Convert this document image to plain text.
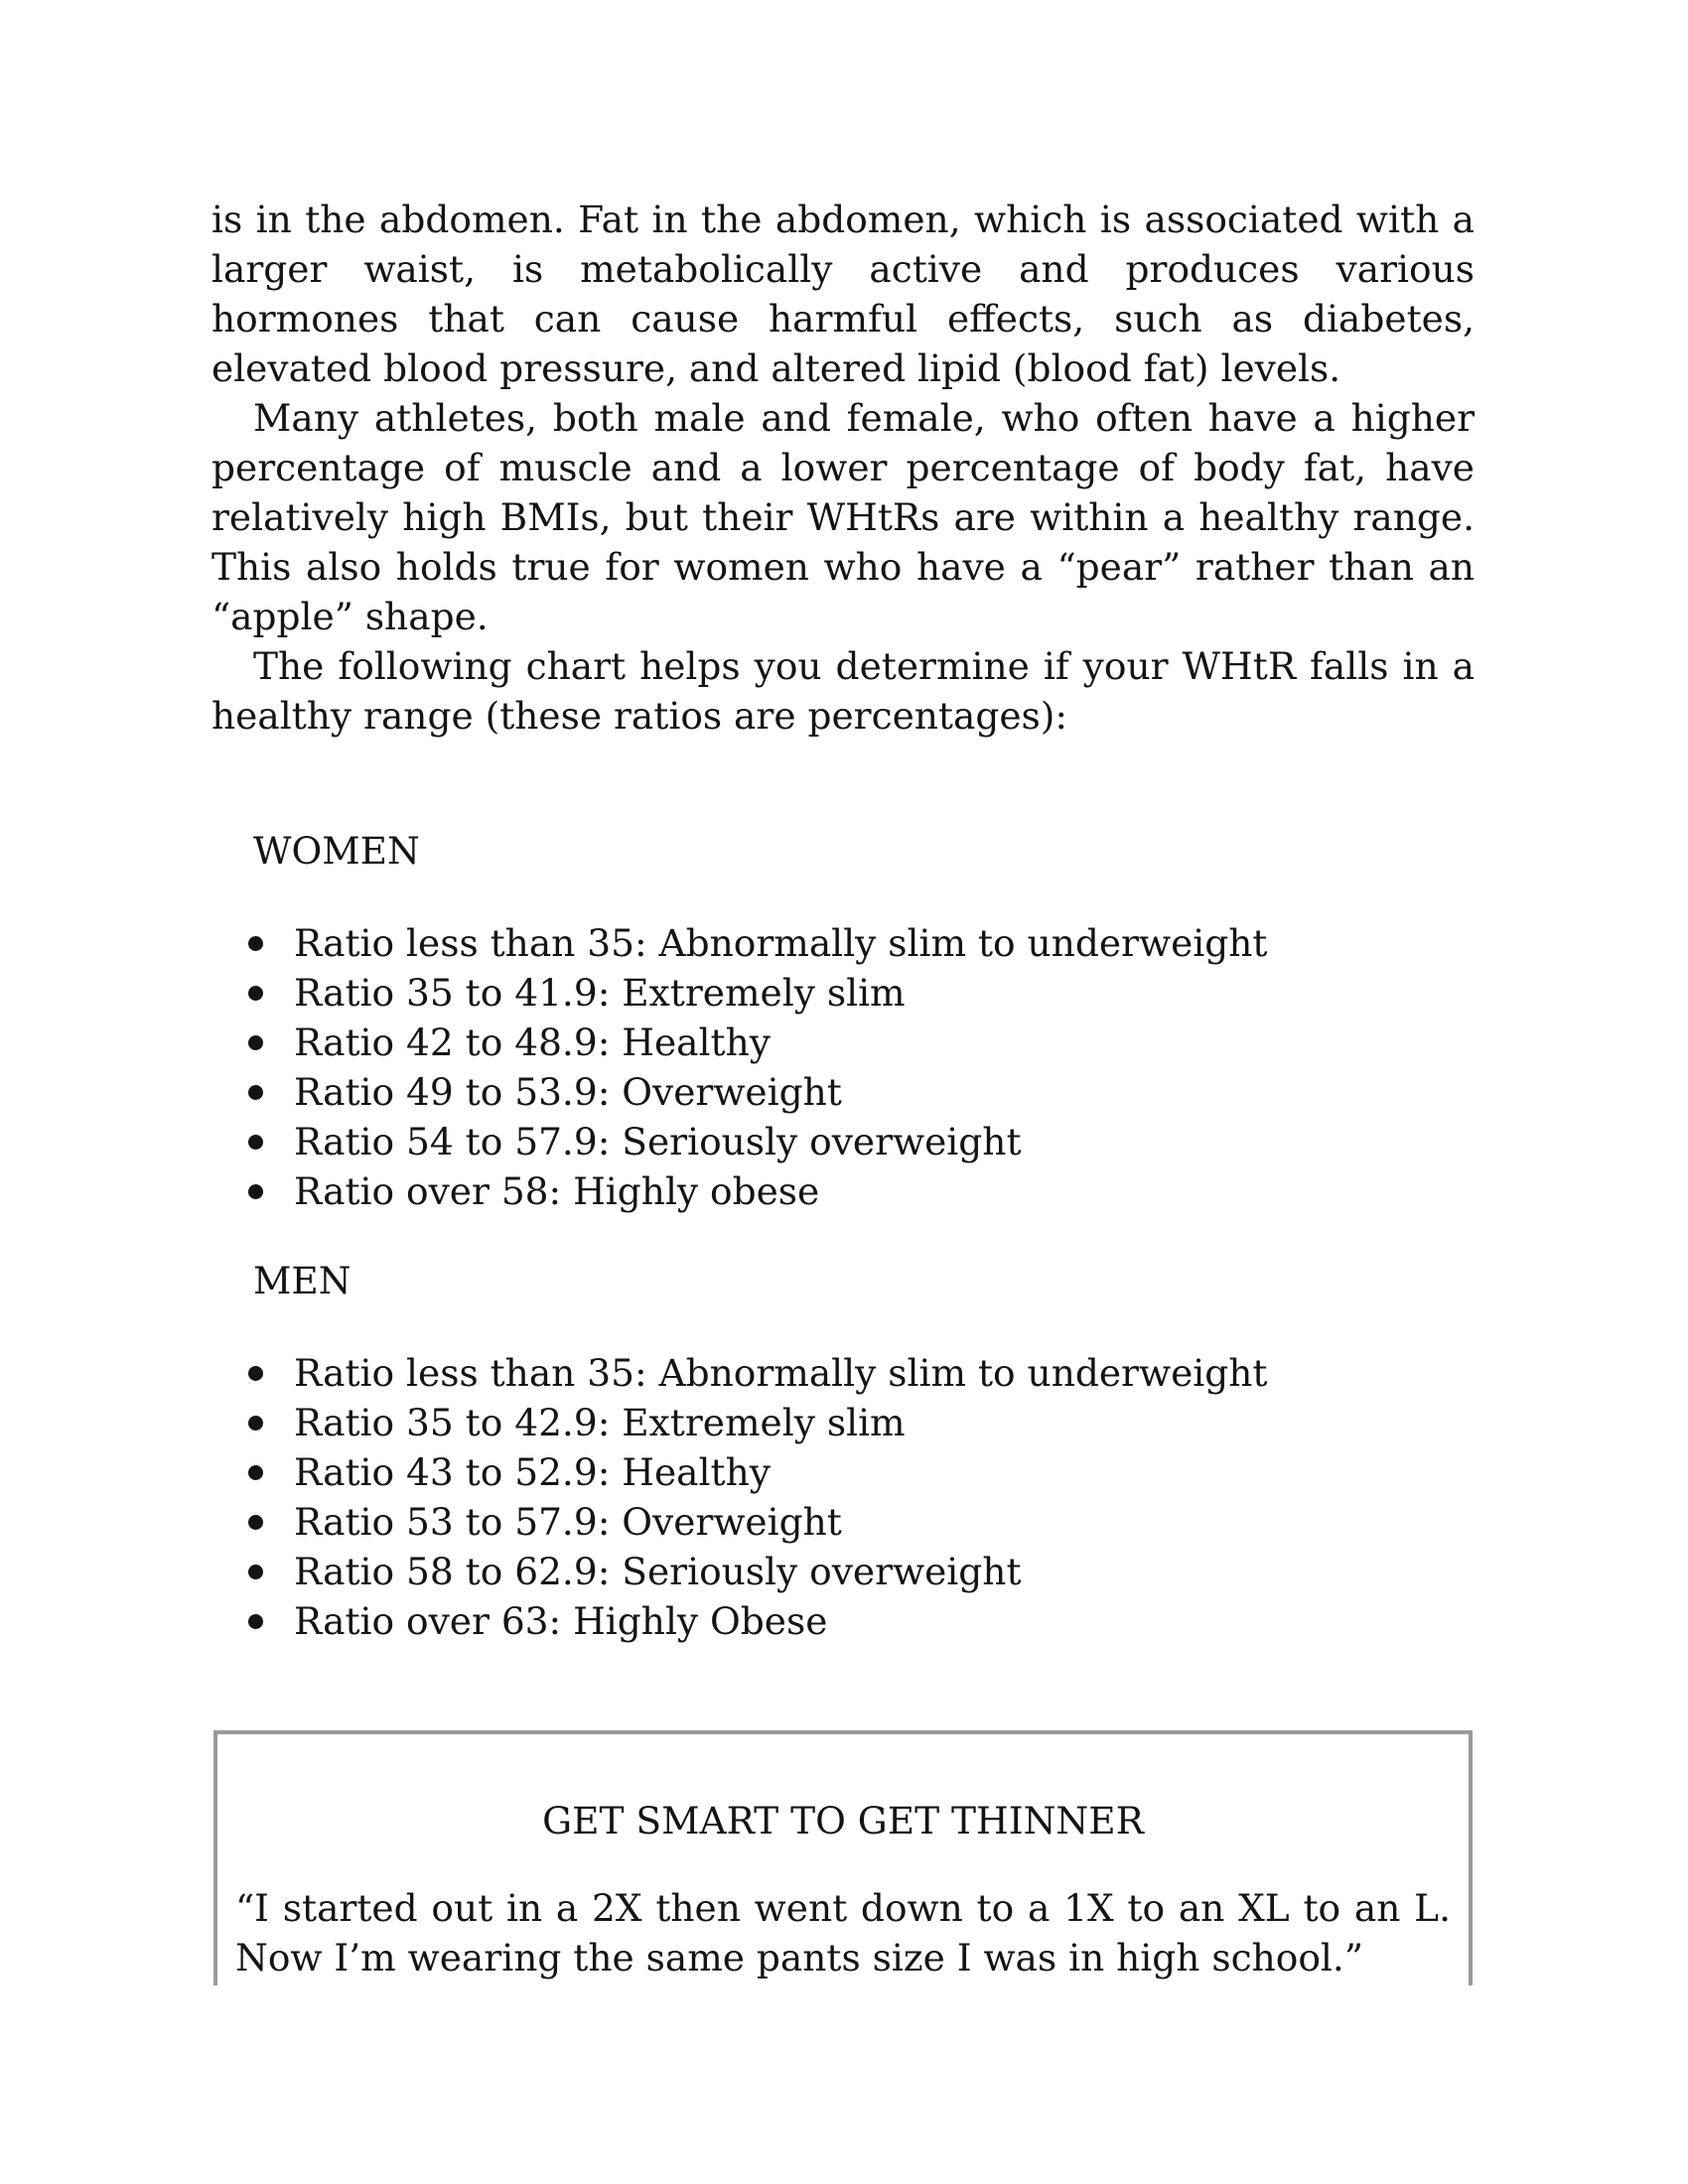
is in the abdomen. Fat in the abdomen, which is associated with a larger waist, is metabolically active and produces various hormones that can cause harmful effects, such as diabetes, elevated blood pressure, and altered lipid (blood fat) levels.

Many athletes, both male and female, who often have a higher percentage of muscle and a lower percentage of body fat, have relatively high BMIs, but their WHtRs are within a healthy range. This also holds true for women who have a “pear” rather than an “apple” shape.

The following chart helps you determine if your WHtR falls in a healthy range (these ratios are percentages):

WOMEN

Ratio less than 35: Abnormally slim to underweight
Ratio 35 to 41.9: Extremely slim
Ratio 42 to 48.9: Healthy
Ratio 49 to 53.9: Overweight
Ratio 54 to 57.9: Seriously overweight
Ratio over 58: Highly obese

MEN

Ratio less than 35: Abnormally slim to underweight
Ratio 35 to 42.9: Extremely slim
Ratio 43 to 52.9: Healthy
Ratio 53 to 57.9: Overweight
Ratio 58 to 62.9: Seriously overweight
Ratio over 63: Highly Obese

GET SMART TO GET THINNER

“I started out in a 2X then went down to a 1X to an XL to an L. Now I’m wearing the same pants size I was in high school.”
